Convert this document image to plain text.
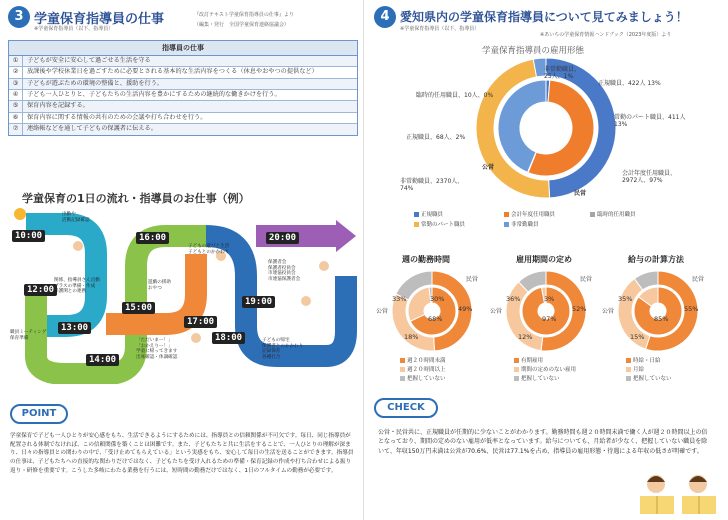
3 学童保育指導員の仕事
※学童保育指導員（以下、指導員）
『改訂テキスト学童保育指導員の仕事』より
（編集・発行　全国学童保育連絡協議会）
指導員の仕事
①	子どもが安全に安心して過ごせる生活を守る
②	放課後や学校休業日を過ごすために必要とされる基本的な生活内容をつくる（休息やおやつの提供など）
③	子どもが遊ぶための環境の整備と、援助を行う。
④	子ども一人ひとりと、子どもたちの生活内容を豊かにするための継続的な働きかけを行う。
⑤	保育内容を記録する。
⑥	保育内容に関する情報の共有のための会議や打ち合わせを行う。
⑦	連絡帳などを通して子どもの保護者に伝える。
学童保育の1日の流れ・指導員のお仕事（例）
10:00
12:00
13:00
14:00
15:00
16:00
17:00
18:00
19:00
20:00
出勤や
活動記録確認
関係、指導員さん出勤
プラスの準備・作成
保護関との連携
職員ミーティング
保育準備
遊戯の援助
おやつ
子どもの遊びと生活
子どもとのかかわり
保護者会
保護者役員会
市連協役員会
市連協保護者会
子どもの帰宅
保護者とのかかわり
記録保育
各種打合
「ただいまー！」
「おかえりー！」
学童に帰ってきます
出席確認・体調確認
POINT
学童保育で子ども一人ひとりが安心感をもち、生活できるようにするためには、指導員との信頼関係が不可欠です。毎日、同じ指導員が配置される体制でなければ、この信頼関係を築くことは困難です。また、子どもたちと共に生活をすることで、一人ひとりの理解が深まり、日々の指導員との関わりの中で、「受け止めてもらえている」という実感をもち、安心して毎日の生活を送ることができます。指導員の仕事は、子どもたちへの直接的な関わりだけではなく、子どもたちを受け入れるための準備・保育記録の作成や打ち合わせによる振り返り・研修を重要です。こうした多岐にわたる業務を行うには、短時間の勤務だけではなく、1日のフルタイムの勤務が必要です。
4 愛知県内の学童保育指導員について見てみましょう！
※学童保育指導員（以下、指導員）
※あいちの学童保育情報ハンドブック（2023年度版）より
学童保育指導員の雇用形態
非常勤職員、
25人、1%
正規職員、422人 13%
常勤のパート職員、411人
13%
会計年度任用職員、
2972人、97%
臨時的任用職員、10人、0%
正規職員、68人、2%
非常勤職員、2370人、
74%
公営
民営
正規職員	会計年度任用職員	臨時的任用職員
常勤のパート職員	非常勤職員
週の勤務時間
33%
49%
18%
68%
30%
公営
民営
週２０時間未満
週２０時間以上
把握していない
雇用期間の定め
36%
52%
12%
97%
3%
公営
民営
有期雇用
期間の定めのない雇用
把握していない
給与の計算方法
35%
55%
15%
85%
公営
民営
時給・日給
月給
把握していない
公営・民営共に、正規職員が任期的に少ないことがわかります。勤務時間も週２０時間未満で働く人が週２０時間以上の倍となっており、期間の定めのない雇用が低率となっています。給与についても、月給者が少なく、把握していない職員を除いて、年収150万円未満は公営が70.6%、民営は77.1%を占め、指導員の雇用形態・待遇による年収の低さが明確です。
CHECK
